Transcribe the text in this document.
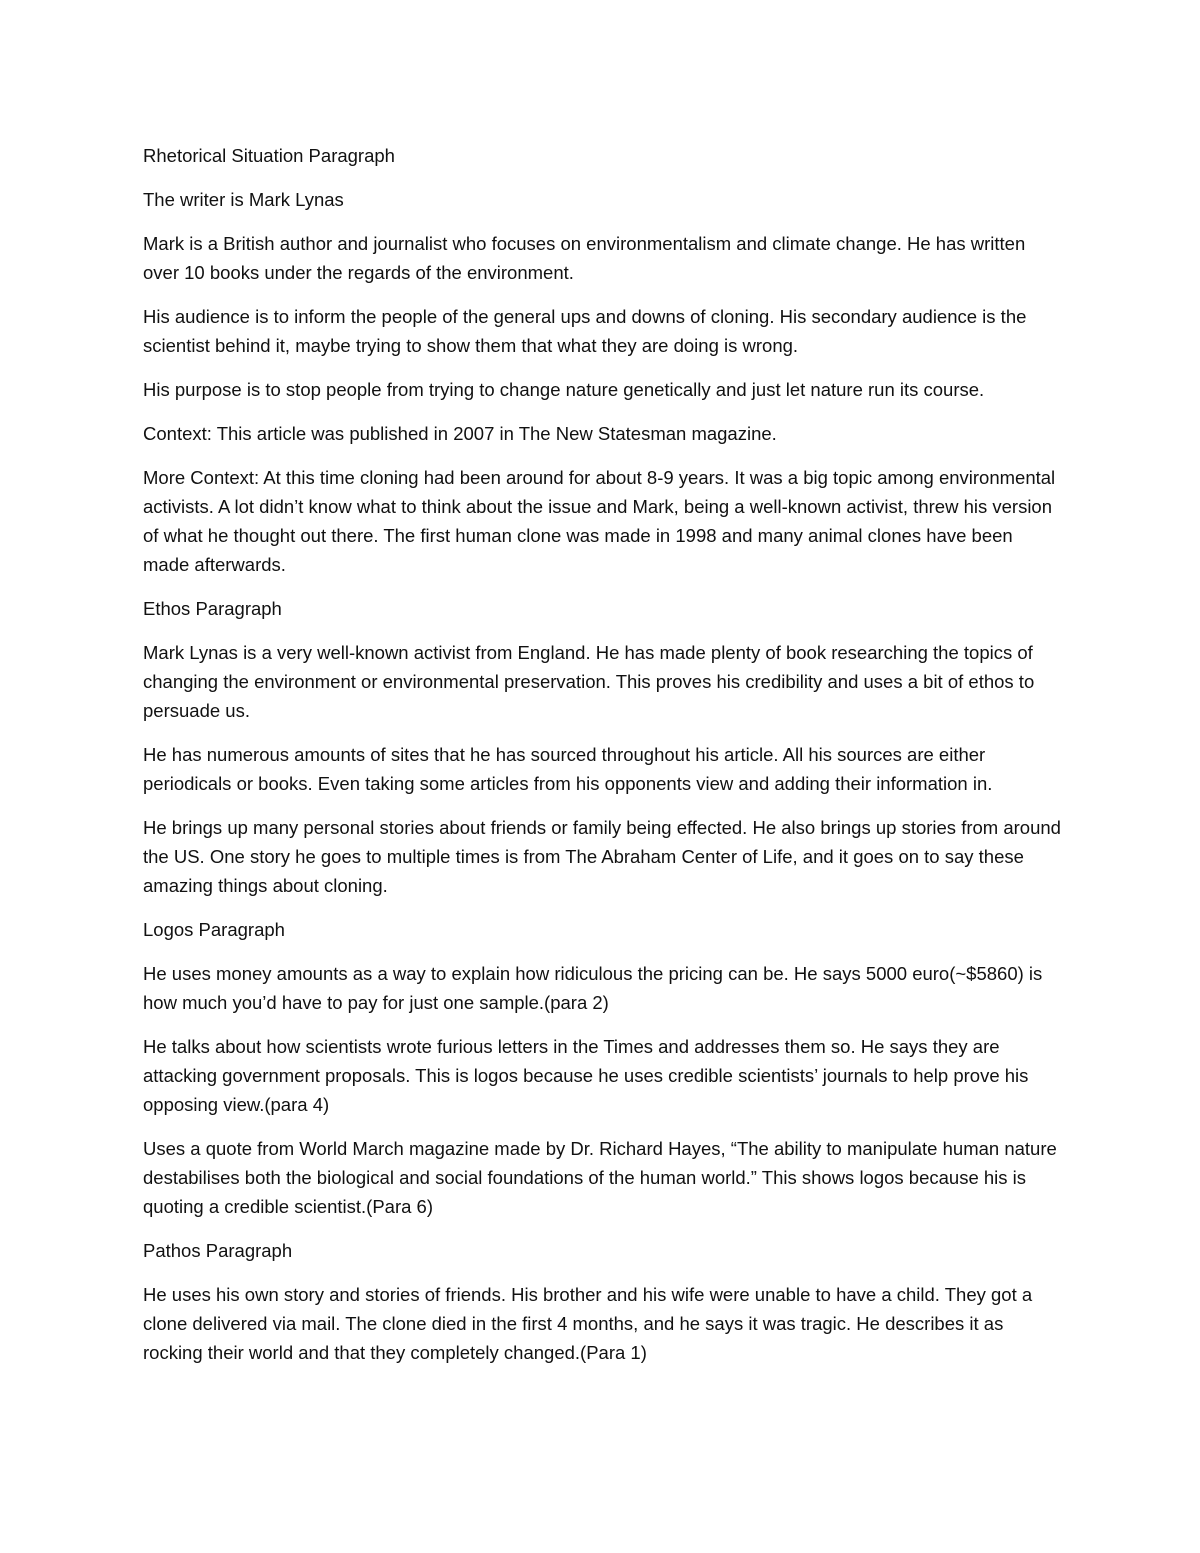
Rhetorical Situation Paragraph

The writer is Mark Lynas

Mark is a British author and journalist who focuses on environmentalism and climate change. He has written over 10 books under the regards of the environment.

His audience is to inform the people of the general ups and downs of cloning. His secondary audience is the scientist behind it, maybe trying to show them that what they are doing is wrong.

His purpose is to stop people from trying to change nature genetically and just let nature run its course.

Context: This article was published in 2007 in The New Statesman magazine.

More Context: At this time cloning had been around for about 8-9 years. It was a big topic among environmental activists. A lot didn’t know what to think about the issue and Mark, being a well-known activist, threw his version of what he thought out there. The first human clone was made in 1998 and many animal clones have been made afterwards.

Ethos Paragraph

Mark Lynas is a very well-known activist from England. He has made plenty of book researching the topics of changing the environment or environmental preservation. This proves his credibility and uses a bit of ethos to persuade us.

He has numerous amounts of sites that he has sourced throughout his article. All his sources are either periodicals or books. Even taking some articles from his opponents view and adding their information in.

He brings up many personal stories about friends or family being effected. He also brings up stories from around the US. One story he goes to multiple times is from The Abraham Center of Life, and it goes on to say these amazing things about cloning.

Logos Paragraph

He uses money amounts as a way to explain how ridiculous the pricing can be. He says 5000 euro(~$5860) is how much you’d have to pay for just one sample.(para 2)

He talks about how scientists wrote furious letters in the Times and addresses them so. He says they are attacking government proposals. This is logos because he uses credible scientists’ journals to help prove his opposing view.(para 4)

Uses a quote from World March magazine made by Dr. Richard Hayes, “The ability to manipulate human nature destabilises both the biological and social foundations of the human world.” This shows logos because his is quoting a credible scientist.(Para 6)

Pathos Paragraph

He uses his own story and stories of friends. His brother and his wife were unable to have a child. They got a clone delivered via mail. The clone died in the first 4 months, and he says it was tragic. He describes it as rocking their world and that they completely changed.(Para 1)
